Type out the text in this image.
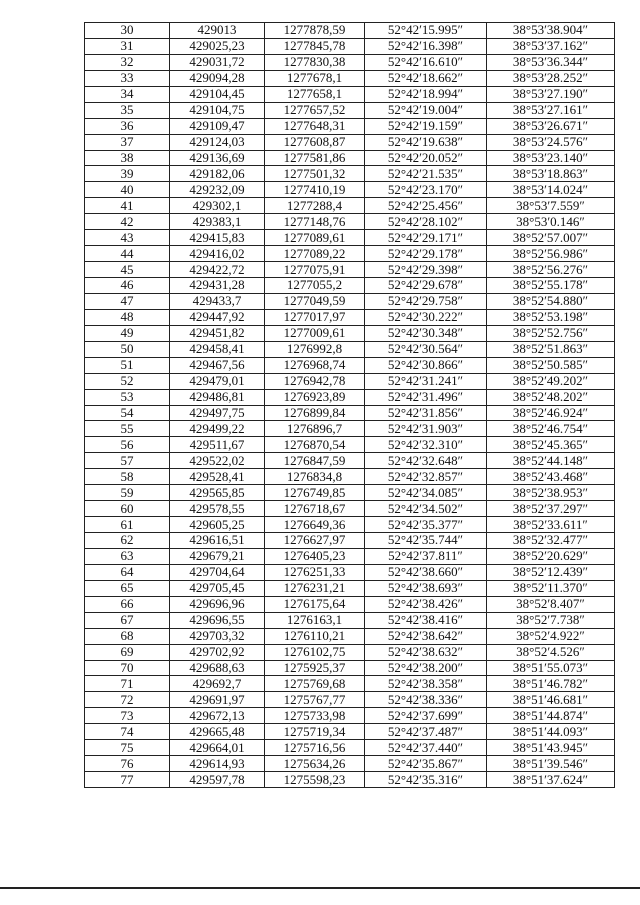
30	429013	1277878,59	52°42′15.995″	38°53′38.904″
31	429025,23	1277845,78	52°42′16.398″	38°53′37.162″
32	429031,72	1277830,38	52°42′16.610″	38°53′36.344″
33	429094,28	1277678,1	52°42′18.662″	38°53′28.252″
34	429104,45	1277658,1	52°42′18.994″	38°53′27.190″
35	429104,75	1277657,52	52°42′19.004″	38°53′27.161″
36	429109,47	1277648,31	52°42′19.159″	38°53′26.671″
37	429124,03	1277608,87	52°42′19.638″	38°53′24.576″
38	429136,69	1277581,86	52°42′20.052″	38°53′23.140″
39	429182,06	1277501,32	52°42′21.535″	38°53′18.863″
40	429232,09	1277410,19	52°42′23.170″	38°53′14.024″
41	429302,1	1277288,4	52°42′25.456″	38°53′7.559″
42	429383,1	1277148,76	52°42′28.102″	38°53′0.146″
43	429415,83	1277089,61	52°42′29.171″	38°52′57.007″
44	429416,02	1277089,22	52°42′29.178″	38°52′56.986″
45	429422,72	1277075,91	52°42′29.398″	38°52′56.276″
46	429431,28	1277055,2	52°42′29.678″	38°52′55.178″
47	429433,7	1277049,59	52°42′29.758″	38°52′54.880″
48	429447,92	1277017,97	52°42′30.222″	38°52′53.198″
49	429451,82	1277009,61	52°42′30.348″	38°52′52.756″
50	429458,41	1276992,8	52°42′30.564″	38°52′51.863″
51	429467,56	1276968,74	52°42′30.866″	38°52′50.585″
52	429479,01	1276942,78	52°42′31.241″	38°52′49.202″
53	429486,81	1276923,89	52°42′31.496″	38°52′48.202″
54	429497,75	1276899,84	52°42′31.856″	38°52′46.924″
55	429499,22	1276896,7	52°42′31.903″	38°52′46.754″
56	429511,67	1276870,54	52°42′32.310″	38°52′45.365″
57	429522,02	1276847,59	52°42′32.648″	38°52′44.148″
58	429528,41	1276834,8	52°42′32.857″	38°52′43.468″
59	429565,85	1276749,85	52°42′34.085″	38°52′38.953″
60	429578,55	1276718,67	52°42′34.502″	38°52′37.297″
61	429605,25	1276649,36	52°42′35.377″	38°52′33.611″
62	429616,51	1276627,97	52°42′35.744″	38°52′32.477″
63	429679,21	1276405,23	52°42′37.811″	38°52′20.629″
64	429704,64	1276251,33	52°42′38.660″	38°52′12.439″
65	429705,45	1276231,21	52°42′38.693″	38°52′11.370″
66	429696,96	1276175,64	52°42′38.426″	38°52′8.407″
67	429696,55	1276163,1	52°42′38.416″	38°52′7.738″
68	429703,32	1276110,21	52°42′38.642″	38°52′4.922″
69	429702,92	1276102,75	52°42′38.632″	38°52′4.526″
70	429688,63	1275925,37	52°42′38.200″	38°51′55.073″
71	429692,7	1275769,68	52°42′38.358″	38°51′46.782″
72	429691,97	1275767,77	52°42′38.336″	38°51′46.681″
73	429672,13	1275733,98	52°42′37.699″	38°51′44.874″
74	429665,48	1275719,34	52°42′37.487″	38°51′44.093″
75	429664,01	1275716,56	52°42′37.440″	38°51′43.945″
76	429614,93	1275634,26	52°42′35.867″	38°51′39.546″
77	429597,78	1275598,23	52°42′35.316″	38°51′37.624″
